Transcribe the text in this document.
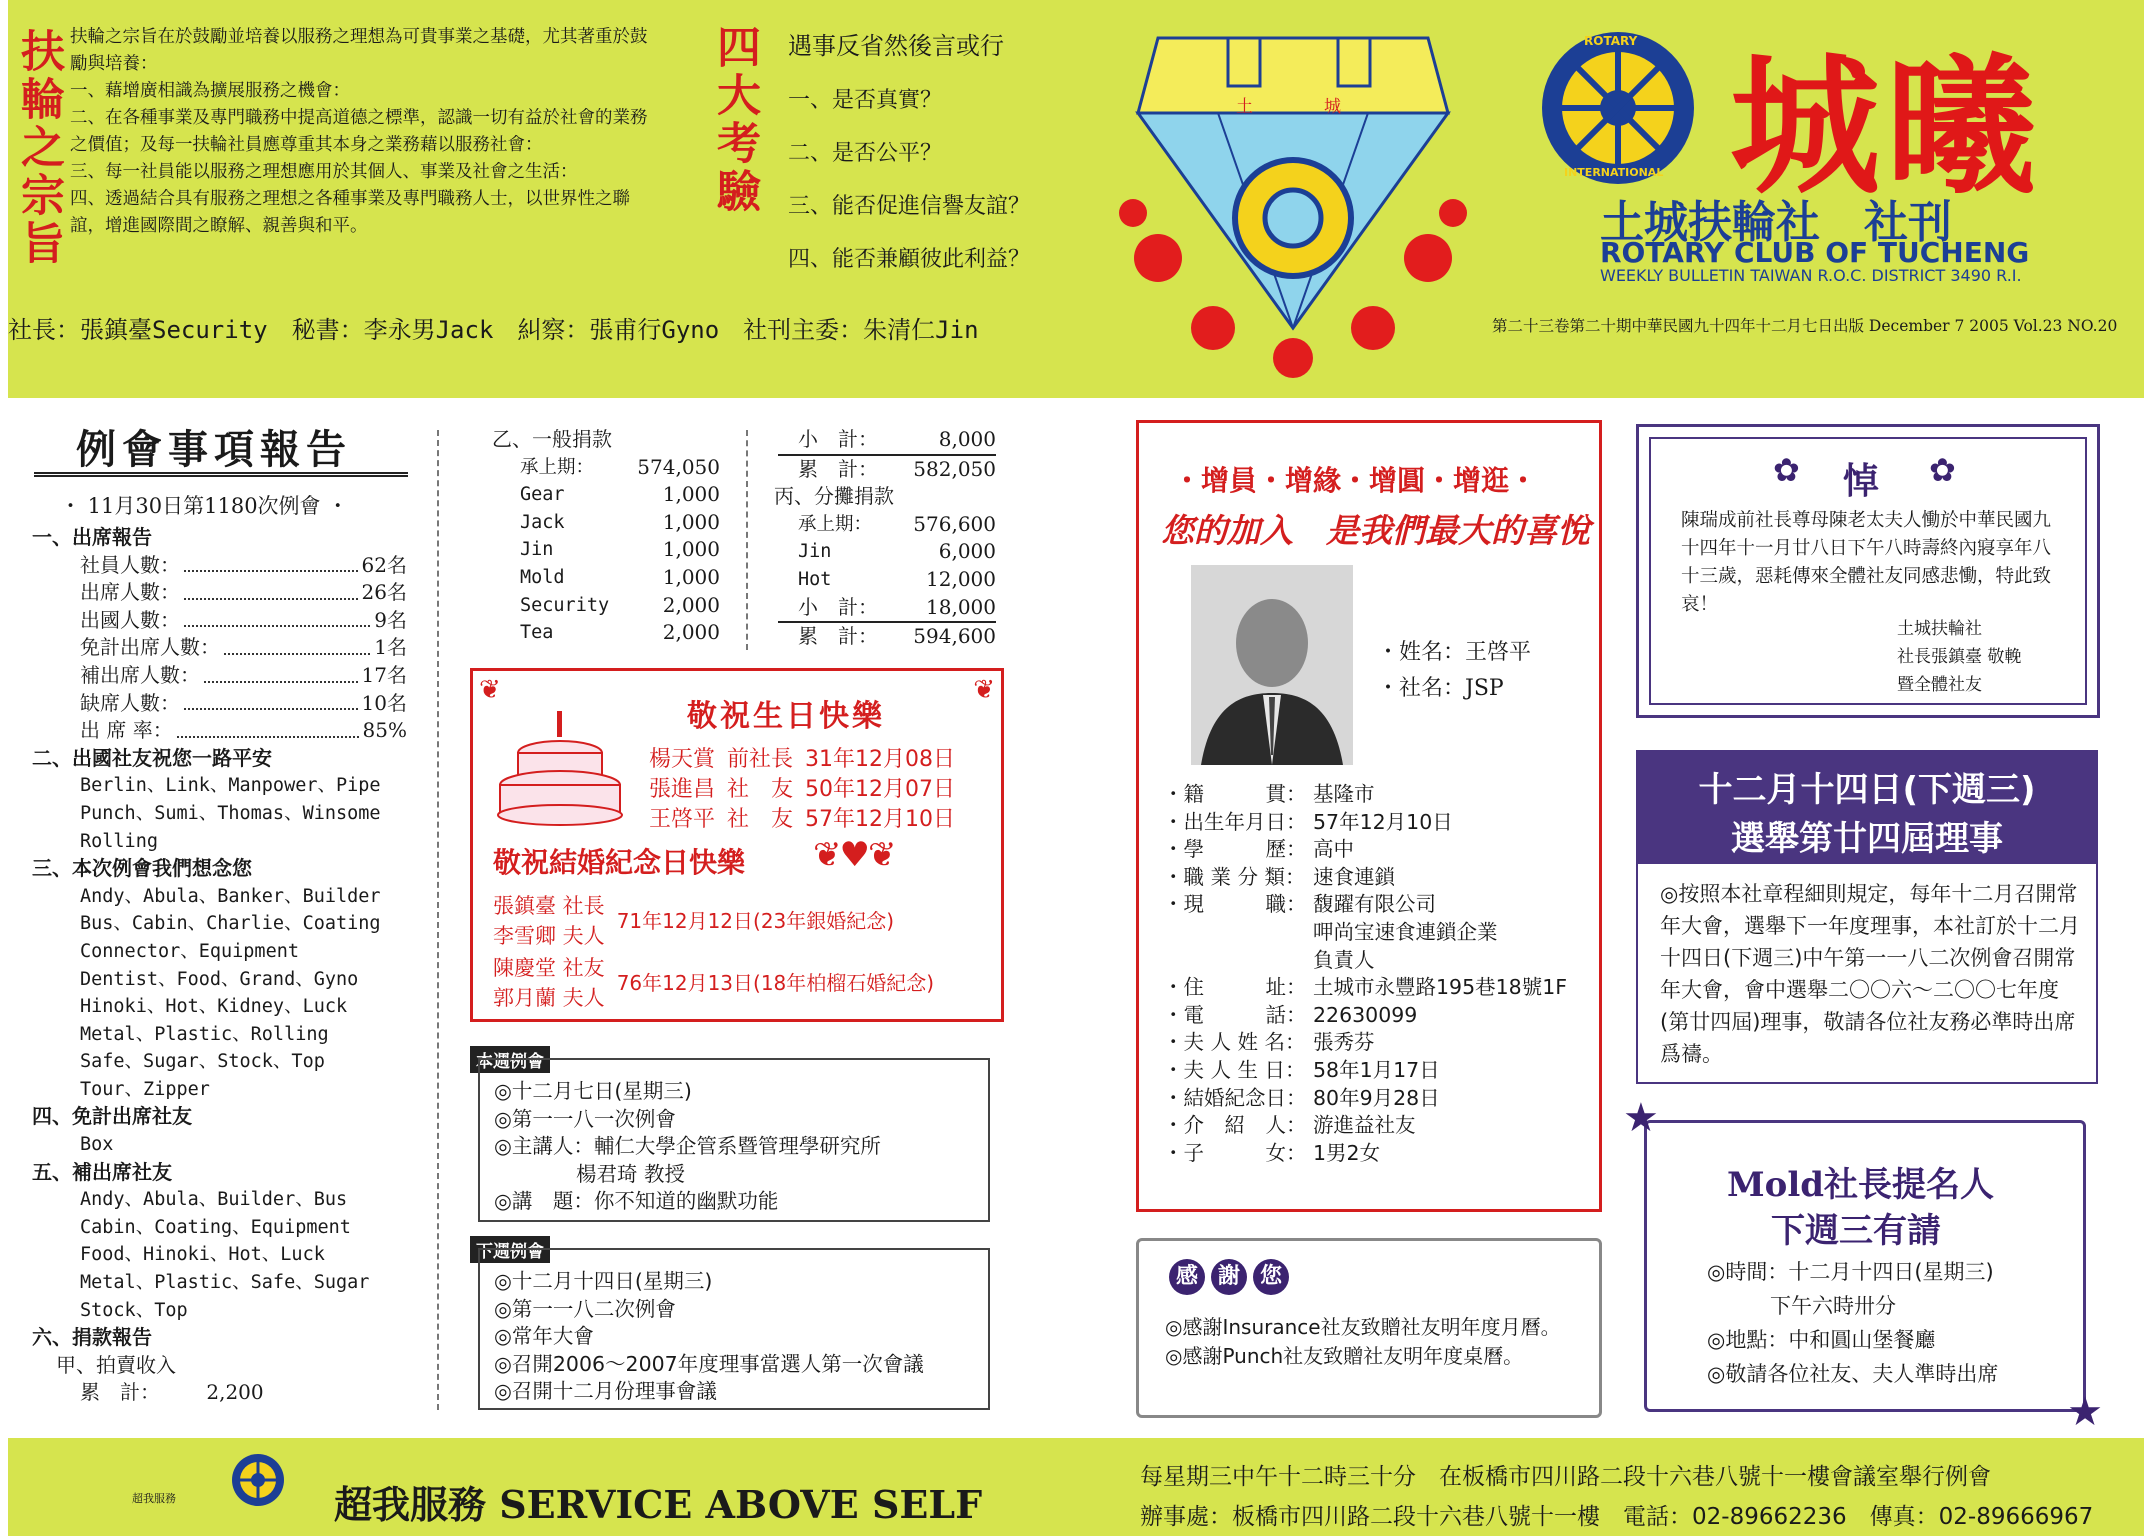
扶輪之宗旨 扶輪之宗旨在於鼓勵並培養以服務之理想為可貴事業之基礎，尤其著重於鼓勵與培養：
一、藉增廣相識為擴展服務之機會：
二、在各種事業及專門職務中提高道德之標準，認識一切有益於社會的業務之價值；及每一扶輪社員應尊重其本身之業務藉以服務社會：
三、每一社員能以服務之理想應用於其個人、事業及社會之生活：
四、透過結合具有服務之理想之各種事業及專門職務人士，以世界性之聯誼，增進國際間之瞭解、親善與和平。
四大考驗 遇事反省然後言或行
一、是否真實？
二、是否公平？
三、能否促進信譽友誼？
四、能否兼顧彼此利益？
社長：張鎮臺Security　秘書：李永男Jack　糾察：張甫行Gyno　社刊主委：朱清仁Jin
土	城
ROTARY
INTERNATIONAL 城曦
土城扶輪社　社刊
ROTARY CLUB OF TUCHENG
WEEKLY BULLETIN TAIWAN R.O.C. DISTRICT 3490 R.I.
第二十三卷第二十期中華民國九十四年十二月七日出版 December 7 2005 Vol.23 NO.20
例會事項報告
・ 11月30日第1180次例會 ・
一、出席報告
社員人數：	62名
出席人數：	26名
出國人數：	9名
免計出席人數：	1名
補出席人數：	17名
缺席人數：	10名
出 席 率：	85%
二、出國社友祝您一路平安
Berlin、Link、Manpower、Pipe
Punch、Sumi、Thomas、Winsome
Rolling
三、本次例會我們想念您
Andy、Abula、Banker、Builder
Bus、Cabin、Charlie、Coating
Connector、Equipment
Dentist、Food、Grand、Gyno
Hinoki、Hot、Kidney、Luck
Metal、Plastic、Rolling
Safe、Sugar、Stock、Top
Tour、Zipper
四、免計出席社友
Box
五、補出席社友
Andy、Abula、Builder、Bus
Cabin、Coating、Equipment
Food、Hinoki、Hot、Luck
Metal、Plastic、Safe、Sugar
Stock、Top
六、捐款報告
甲、拍賣收入
累　計： 2,200
乙、一般捐款
承上期： 574,050
Gear	1,000
Jack	1,000
Jin	1,000
Mold	1,000
Security	2,000
Tea	2,000
小　計：	8,000
累　計： 582,050
丙、分攤捐款
承上期： 576,600
Jin	6,000
Hot	12,000
小　計： 18,000
累　計： 594,600
❦	❦
敬祝生日快樂
楊天賞 前社長 31年12月08日
張進昌 社　友 50年12月07日
王啓平 社　友 57年12月10日
敬祝結婚紀念日快樂 ❦♥❦
張鎮臺 社長
李雪卿 夫人
71年12月12日(23年銀婚紀念)
陳慶堂 社友
郭月蘭 夫人
76年12月13日(18年柏榴石婚紀念)
本週例會
◎十二月七日(星期三)
◎第一一八一次例會
◎主講人：輔仁大學企管系暨管理學研究所
　　　　楊君琦 教授
◎講　題：你不知道的幽默功能
下週例會
◎十二月十四日(星期三)
◎第一一八二次例會
◎常年大會
◎召開2006～2007年度理事當選人第一次會議
◎召開十二月份理事會議
超我服務	超我服務 SERVICE ABOVE SELF
・增員・增緣・增圓・增逛・
您的加入　是我們最大的喜悅
・姓名：王啓平
・社名：JSP
・籍　　　貫： 基隆市
・出生年月日： 57年12月10日
・學　　　歷： 高中
・職 業 分 類： 速食連鎖
・現　　　職： 馥躍有限公司
呷尚宝速食連鎖企業
負責人
・住　　　址： 土城市永豐路195巷18號1F
・電　　　話： 22630099
・夫 人 姓 名： 張秀芬
・夫 人 生 日： 58年1月17日
・結婚紀念日： 80年9月28日
・介　紹　人： 游進益社友
・子　　　女： 1男2女
感 謝 您
◎感謝Insurance社友致贈社友明年度月曆。
◎感謝Punch社友致贈社友明年度桌曆。
✿	✿
悼
陳瑞成前社長尊母陳老太夫人慟於中華民國九十四年十一月廿八日下午八時壽終內寢享年八十三歲，惡耗傳來全體社友同感悲慟，特此致哀！
土城扶輪社
社長張鎮臺 敬輓
暨全體社友
十二月十四日(下週三)
選舉第廿四屆理事
◎按照本社章程細則規定，每年十二月召開常年大會，選舉下一年度理事，本社訂於十二月十四日(下週三)中午第一一八二次例會召開常年大會，會中選舉二〇〇六～二〇〇七年度(第廿四屆)理事，敬請各位社友務必準時出席爲禱。
★
★
Mold社長提名人
下週三有請
◎時間：十二月十四日(星期三)
　　　下午六時卅分
◎地點：中和圓山堡餐廳
◎敬請各位社友、夫人準時出席
每星期三中午十二時三十分　在板橋市四川路二段十六巷八號十一樓會議室舉行例會
辦事處：板橋市四川路二段十六巷八號十一樓　電話：02-89662236　傳真：02-89666967
